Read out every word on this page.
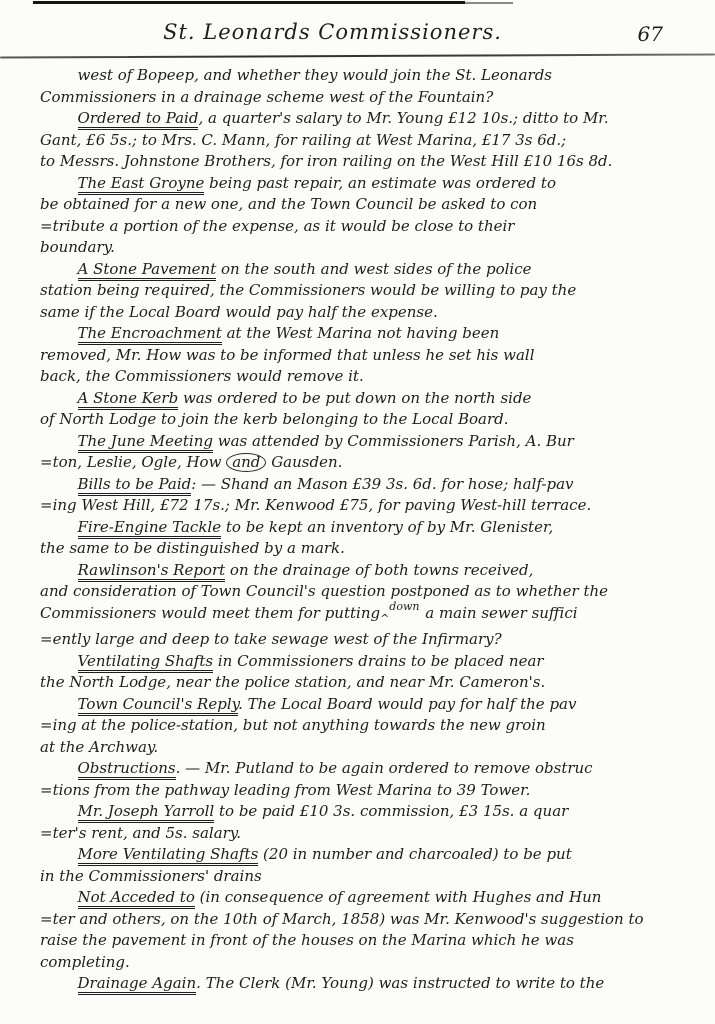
St. Leonards Commissioners.	67
west of Bopeep, and whether they would join the St. Leonards
Commissioners in a drainage scheme west of the Fountain?
Ordered to Paid, a quarter's salary to Mr. Young £12 10s.; ditto to Mr.
Gant, £6 5s.; to Mrs. C. Mann, for railing at West Marina, £17 3s 6d.;
to Messrs. Johnstone Brothers, for iron railing on the West Hill £10 16s 8d.
The East Groyne being past repair, an estimate was ordered to
be obtained for a new one, and the Town Council be asked to con
=tribute a portion of the expense, as it would be close to their
boundary.
A Stone Pavement on the south and west sides of the police
station being required, the Commissioners would be willing to pay the
same if the Local Board would pay half the expense.
The Encroachment at the West Marina not having been
removed, Mr. How was to be informed that unless he set his wall
back, the Commissioners would remove it.
A Stone Kerb was ordered to be put down on the north side
of North Lodge to join the kerb belonging to the Local Board.
The June Meeting was attended by Commissioners Parish, A. Bur
=ton, Leslie, Ogle, How and Gausden.
Bills to be Paid: — Shand an Mason £39 3s. 6d. for hose; half-pav
=ing West Hill, £72 17s.; Mr. Kenwood £75, for paving West-hill terrace.
Fire-Engine Tackle to be kept an inventory of by Mr. Glenister,
the same to be distinguished by a mark.
Rawlinson's Report on the drainage of both towns received,
and consideration of Town Council's question postponed as to whether the
Commissioners would meet them for putting$_{\^{}}^{down}$ a main sewer suffici
=ently large and deep to take sewage west of the Infirmary?
Ventilating Shafts in Commissioners drains to be placed near
the North Lodge, near the police station, and near Mr. Cameron's.
Town Council's Reply. The Local Board would pay for half the pav
=ing at the police-station, but not anything towards the new groin
at the Archway.
Obstructions. — Mr. Putland to be again ordered to remove obstruc
=tions from the pathway leading from West Marina to 39 Tower.
Mr. Joseph Yarroll to be paid £10 3s. commission, £3 15s. a quar
=ter's rent, and 5s. salary.
More Ventilating Shafts (20 in number and charcoaled) to be put
in the Commissioners' drains
Not Acceded to (in consequence of agreement with Hughes and Hun
=ter and others, on the 10th of March, 1858) was Mr. Kenwood's suggestion to
raise the pavement in front of the houses on the Marina which he was
completing.
Drainage Again. The Clerk (Mr. Young) was instructed to write to the
